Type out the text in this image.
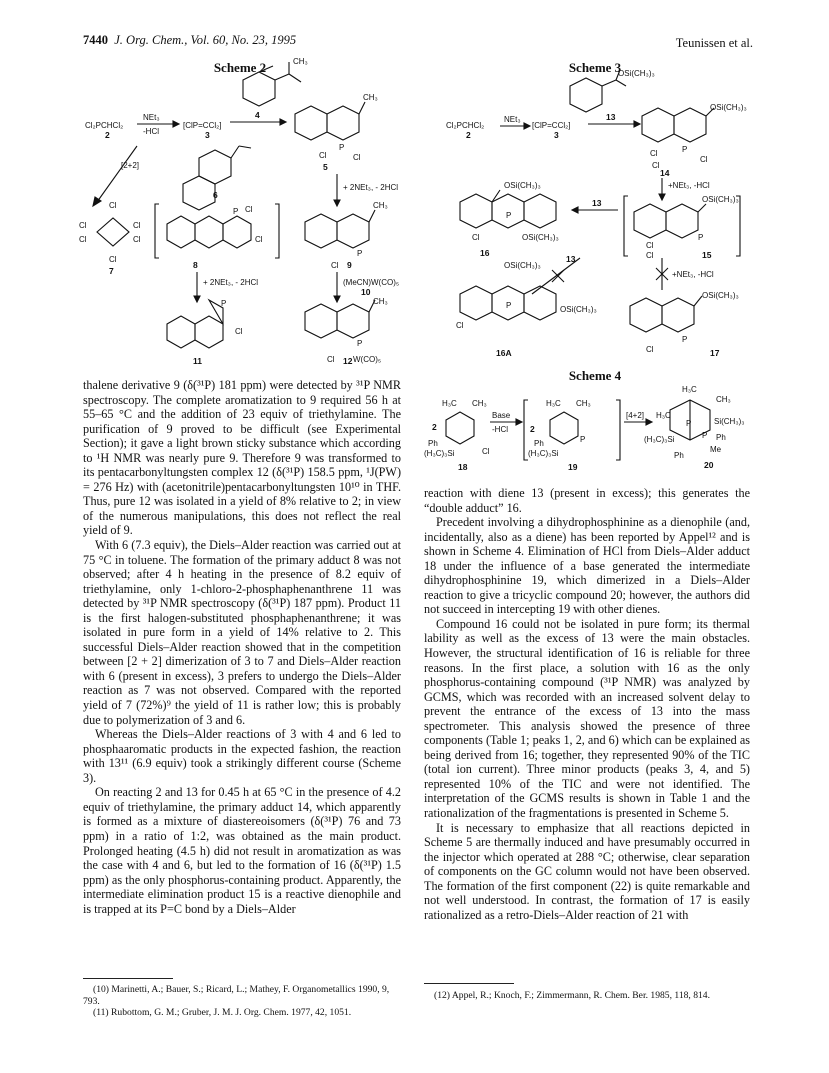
7440 J. Org. Chem., Vol. 60, No. 23, 1995	Teunissen et al.
Scheme 2	Scheme 3
Scheme 4
Cl₂PCHCl₂
2
NEt₃
-HCl
[ClP=CCl₂]
3
CH₃
4
CH₃
P
Cl	Cl
5
+ 2NEt₃, - 2HCl
CH₃
P
Cl 9
(MeCN)W(CO)₅
10
CH₃
P
Cl 12 W(CO)₅
[2+2]
Cl
Cl
Cl
Cl
Cl
Cl
7
6
P Cl
Cl
8
+ 2NEt₃, - 2HCl
P
Cl
11
Cl₂PCHCl₂
2
NEt₃
[ClP=CCl₂]
3
OSi(CH₃)₃
13
OSi(CH₃)₃
P
Cl
Cl
Cl
14
+NEt₃, -HCl
OSi(CH₃)₃
P
Cl
Cl	15
13
OSi(CH₃)₃
P
Cl	OSi(CH₃)₃
16
13
+NEt₃, -HCl
OSi(CH₃)₃
P	OSi(CH₃)₃
Cl
16A
OSi(CH₃)₃
P
Cl	17
2
H₃C CH₃
Ph
(H₃C)₃Si	Cl
18
Base
-HCl	2
H₃C CH₃
P
Ph
(H₃C)₃Si
19
[4+2]
H₃C
CH₃
H₃C
P
P
Si(CH₃)₃
Ph
Me
(H₃C)₃Si
Ph
20

thalene derivative 9 (δ(³¹P) 181 ppm) were detected by ³¹P NMR spectroscopy. The complete aromatization to 9 required 56 h at 55–65 °C and the addition of 23 equiv of triethylamine. The purification of 9 proved to be difficult (see Experimental Section); it gave a light brown sticky substance which according to ¹H NMR was nearly pure 9. Therefore 9 was transformed to its pentacarbonyltungsten complex 12 (δ(³¹P) 158.5 ppm, ¹J(PW) = 276 Hz) with (acetonitrile)pentacarbonyltungsten 10¹⁰ in THF. Thus, pure 12 was isolated in a yield of 8% relative to 2; in view of the numerous manipulations, this does not reflect the real yield of 9.

With 6 (7.3 equiv), the Diels–Alder reaction was carried out at 75 °C in toluene. The formation of the primary adduct 8 was not observed; after 4 h heating in the presence of 8.2 equiv of triethylamine, only 1-chloro-2-phosphaphenanthrene 11 was detected by ³¹P NMR spectroscopy (δ(³¹P) 187 ppm). Product 11 is the first halogen-substituted phosphaphenanthrene; it was isolated in pure form in a yield of 14% relative to 2. This successful Diels–Alder reaction showed that in the competition between [2 + 2] dimerization of 3 to 7 and Diels–Alder reaction with 6 (present in excess), 3 prefers to undergo the Diels–Alder reaction as 7 was not observed. Compared with the reported yield of 7 (72%)⁹ the yield of 11 is rather low; this is probably due to polymerization of 3 and 6.

Whereas the Diels–Alder reactions of 3 with 4 and 6 led to phosphaaromatic products in the expected fashion, the reaction with 13¹¹ (6.9 equiv) took a strikingly different course (Scheme 3).

On reacting 2 and 13 for 0.45 h at 65 °C in the presence of 4.2 equiv of triethylamine, the primary adduct 14, which apparently is formed as a mixture of diastereoisomers (δ(³¹P) 76 and 73 ppm) in a ratio of 1:2, was obtained as the main product. Prolonged heating (4.5 h) did not result in aromatization as was the case with 4 and 6, but led to the formation of 16 (δ(³¹P) 1.5 ppm) as the only phosphorus-containing product. Apparently, the intermediate elimination product 15 is a reactive dienophile and is trapped at its P=C bond by a Diels–Alder

reaction with diene 13 (present in excess); this generates the “double adduct” 16.

Precedent involving a dihydrophosphinine as a dienophile (and, incidentally, also as a diene) has been reported by Appel¹² and is shown in Scheme 4. Elimination of HCl from Diels–Alder adduct 18 under the influence of a base generated the intermediate dihydrophosphinine 19, which dimerized in a Diels–Alder reaction to give a tricyclic compound 20; however, the authors did not succeed in intercepting 19 with other dienes.

Compound 16 could not be isolated in pure form; its thermal lability as well as the excess of 13 were the main obstacles. However, the structural identification of 16 is reliable for three reasons. In the first place, a solution with 16 as the only phosphorus-containing compound (³¹P NMR) was analyzed by GCMS, which was recorded with an increased solvent delay to prevent the entrance of the excess of 13 into the mass spectrometer. This analysis showed the presence of three components (Table 1; peaks 1, 2, and 6) which can be explained as being derived from 16; together, they represented 90% of the TIC (total ion current). Three minor products (peaks 3, 4, and 5) represented 10% of the TIC and were not identified. The interpretation of the GCMS results is shown in Table 1 and the rationalization of the fragmentations is presented in Scheme 5.

It is necessary to emphasize that all reactions depicted in Scheme 5 are thermally induced and have presumably occurred in the injector which operated at 288 °C; otherwise, clear separation of components on the GC column would not have been observed. The formation of the first component (22) is quite remarkable and not well understood. In contrast, the formation of 17 is easily rationalized as a retro-Diels–Alder reaction of 21 with

(10) Marinetti, A.; Bauer, S.; Ricard, L.; Mathey, F. Organometallics 1990, 9, 793.

(11) Rubottom, G. M.; Gruber, J. M. J. Org. Chem. 1977, 42, 1051.

(12) Appel, R.; Knoch, F.; Zimmermann, R. Chem. Ber. 1985, 118, 814.
